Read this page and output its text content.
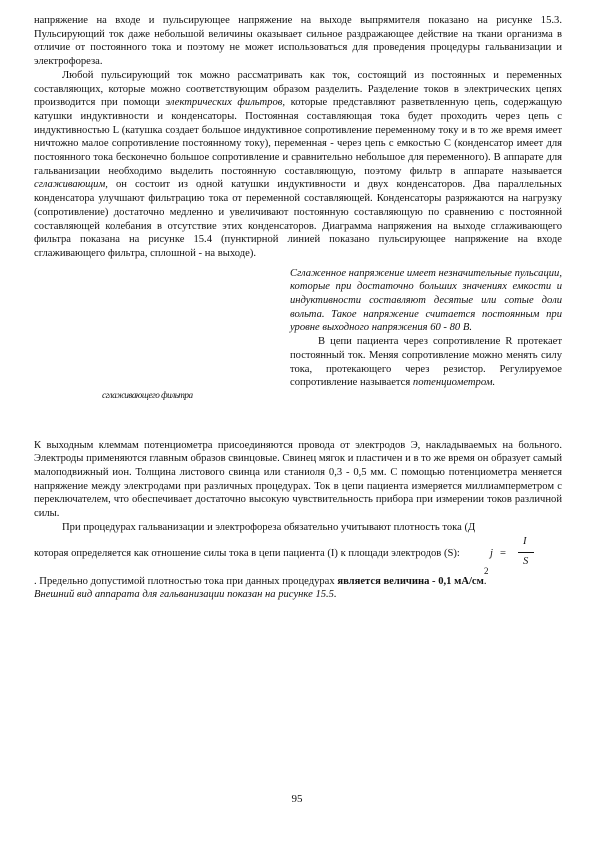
напряжение на входе и пульсирующее напряжение на выходе выпрямителя показано на рисунке 15.3. Пульсирующий ток даже небольшой величины оказывает сильное раздражающее действие на ткани организма в отличие от постоянного тока и поэтому не может использоваться для проведения процедуры гальванизации и электрофореза.

Любой пульсирующий ток можно рассматривать как ток, состоящий из постоянных и переменных составляющих, которые можно соответствующим образом разделить. Разделение токов в электрических цепях производится при помощи электрических фильтров, которые представляют разветвленную цепь, содержащую катушки индуктивности и конденсаторы. Постоянная составляющая тока будет проходить через цепь с индуктивностью L (катушка создает большое индуктивное сопротивление переменному току и в то же время имеет ничтожно малое сопротивление постоянному току), переменная - через цепь с емкостью С (конденсатор имеет для постоянного тока бесконечно большое сопротивление и сравнительно небольшое для переменного). В аппарате для гальванизации необходимо выделить постоянную составляющую, поэтому фильтр в аппарате называется сглаживающим, он состоит из одной катушки индуктивности и двух конденсаторов. Два параллельных конденсатора улучшают фильтрацию тока от переменной составляющей. Конденсаторы разряжаются на нагрузку (сопротивление) достаточно медленно и увеличивают постоянную составляющую по сравнению с постоянной составляющей колебания в отсутствие этих конденсаторов. Диаграмма напряжения на выходе сглаживающего фильтра показана на рисунке 15.4 (пунктирной линией показано пульсирующее напряжение на входе сглаживающего фильтра, сплошной - на выходе).

сглаживающего фильтра

Сглаженное напряжение имеет незначительные пульсации, которые при достаточно больших значениях емкости и индуктивности составляют десятые или сотые доли вольта. Такое напряжение считается постоянным при уровне выходного напряжения 60 - 80 В.

В цепи пациента через сопротивление R протекает постоянный ток. Меняя сопротивление можно менять силу тока, протекающего через резистор. Регулируемое сопротивление называется потенциометром.

К выходным клеммам потенциометра присоединяются провода от электродов Э, накладываемых на больного. Электроды применяются главным образов свинцовые. Свинец мягок и пластичен и в то же время он образует самый малоподвижный ион. Толщина листового свинца или станиоля 0,3 - 0,5 мм. С помощью потенциометра меняется напряжение между электродами при различных процедурах. Ток в цепи пациента измеряется миллиамперметром с переключателем, что обеспечивает достаточно высокую чувствительность прибора при измерении токов различной силы.

При процедурах гальванизации и электрофореза обязательно учитывают плотность тока (Д

которая определяется как отношение силы тока в цепи пациента (I) к площади электродов (S):	j =
I
S
2

. Предельно допустимой плотностью тока при данных процедурах является величина - 0,1 мА/см.

Внешний вид аппарата для гальванизации показан на рисунке 15.5.

95
